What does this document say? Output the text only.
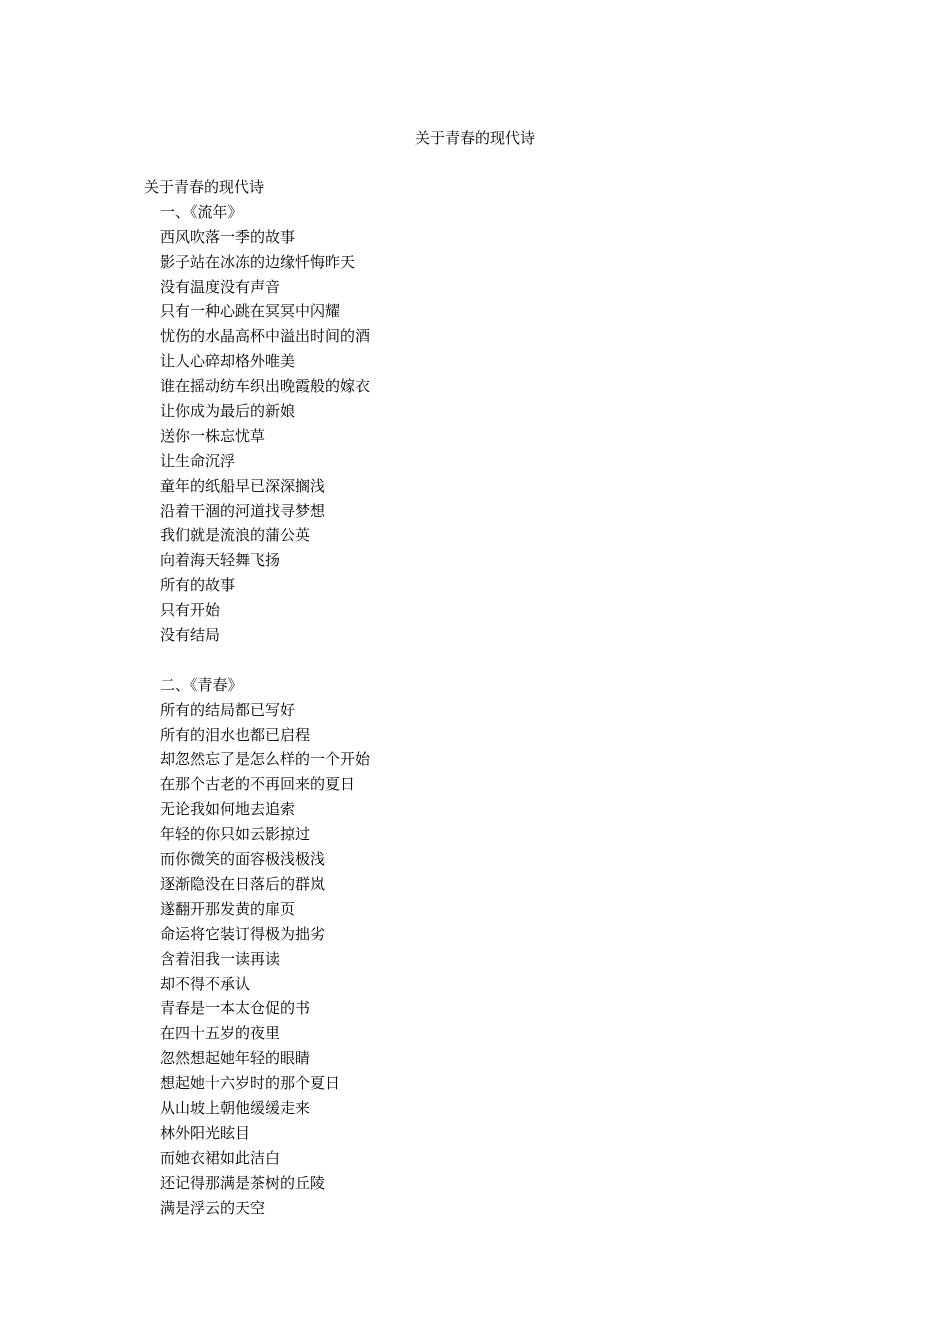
关于青春的现代诗
关于青春的现代诗
一、《流年》
西风吹落一季的故事
影子站在冰冻的边缘忏悔昨天
没有温度没有声音
只有一种心跳在冥冥中闪耀
忧伤的水晶高杯中溢出时间的酒
让人心碎却格外唯美
谁在摇动纺车织出晚霞般的嫁衣
让你成为最后的新娘
送你一株忘忧草
让生命沉浮
童年的纸船早已深深搁浅
沿着干涸的河道找寻梦想
我们就是流浪的蒲公英
向着海天轻舞飞扬
所有的故事
只有开始
没有结局
二、《青春》
所有的结局都已写好
所有的泪水也都已启程
却忽然忘了是怎么样的一个开始
在那个古老的不再回来的夏日
无论我如何地去追索
年轻的你只如云影掠过
而你微笑的面容极浅极浅
逐渐隐没在日落后的群岚
遂翻开那发黄的扉页
命运将它装订得极为拙劣
含着泪我一读再读
却不得不承认
青春是一本太仓促的书
在四十五岁的夜里
忽然想起她年轻的眼睛
想起她十六岁时的那个夏日
从山坡上朝他缓缓走来
林外阳光眩目
而她衣裙如此洁白
还记得那满是茶树的丘陵
满是浮云的天空
